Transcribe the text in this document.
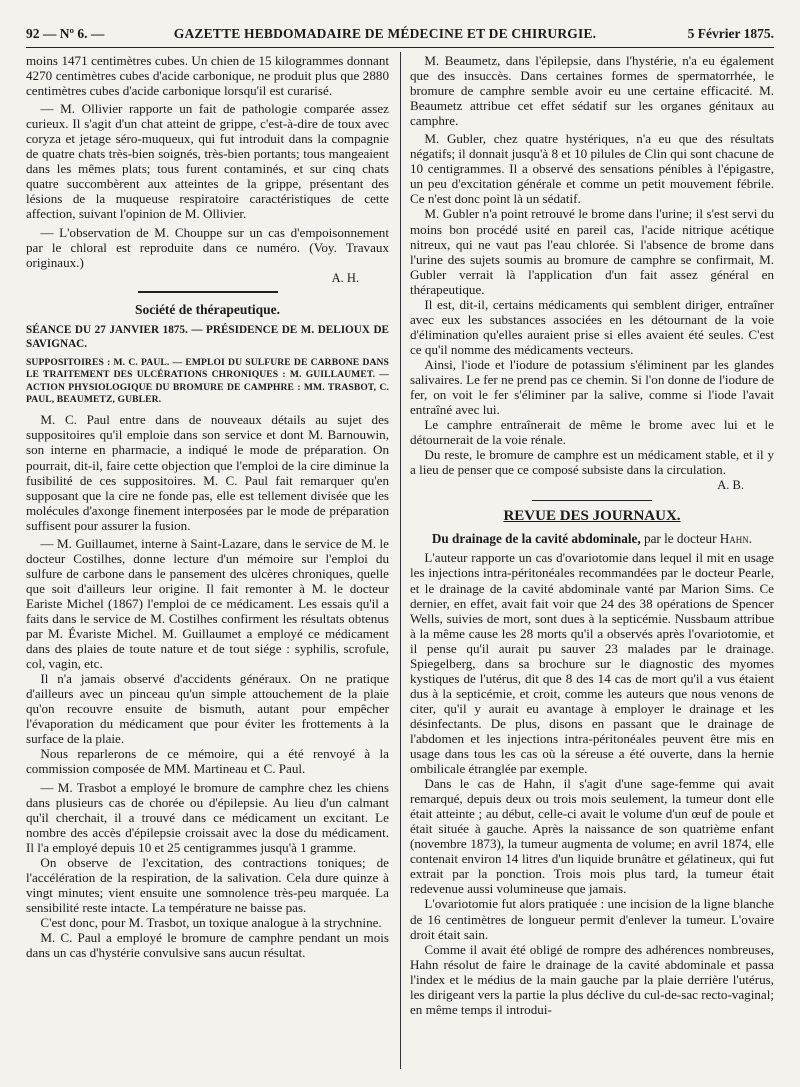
92 — Nº 6. —	GAZETTE HEBDOMADAIRE DE MÉDECINE ET DE CHIRURGIE.	5 Février 1875.

moins 1471 centimètres cubes. Un chien de 15 kilogrammes donnant 4270 centimètres cubes d'acide carbonique, ne produit plus que 2880 centimètres cubes d'acide carbonique lorsqu'il est curarisé.

— M. Ollivier rapporte un fait de pathologie comparée assez curieux. Il s'agit d'un chat atteint de grippe, c'est-à-dire de toux avec coryza et jetage séro-muqueux, qui fut introduit dans la compagnie de quatre chats très-bien soignés, très-bien portants; tous mangeaient dans les mêmes plats; tous furent contaminés, et sur cinq chats quatre succombèrent aux atteintes de la grippe, présentant des lésions de la muqueuse respiratoire caractéristiques de cette affection, suivant l'opinion de M. Ollivier.

— L'observation de M. Chouppe sur un cas d'empoisonnement par le chloral est reproduite dans ce numéro. (Voy. Travaux originaux.)

A. H.
Société de thérapeutique.
SÉANCE DU 27 JANVIER 1875. — PRÉSIDENCE DE M. DELIOUX DE SAVIGNAC.
SUPPOSITOIRES : M. C. PAUL. — EMPLOI DU SULFURE DE CARBONE DANS LE TRAITEMENT DES ULCÉRATIONS CHRONIQUES : M. GUILLAUMET. — ACTION PHYSIOLOGIQUE DU BROMURE DE CAMPHRE : MM. TRASBOT, C. PAUL, BEAUMETZ, GUBLER.

M. C. Paul entre dans de nouveaux détails au sujet des suppositoires qu'il emploie dans son service et dont M. Barnouwin, son interne en pharmacie, a indiqué le mode de préparation. On pourrait, dit-il, faire cette objection que l'emploi de la cire diminue la fusibilité de ces suppositoires. M. C. Paul fait remarquer qu'en supposant que la cire ne fonde pas, elle est tellement divisée que les molécules d'axonge finement interposées par le mode de préparation suffisent pour assurer la fusion.

— M. Guillaumet, interne à Saint-Lazare, dans le service de M. le docteur Costilhes, donne lecture d'un mémoire sur l'emploi du sulfure de carbone dans le pansement des ulcères chroniques, quelle que soit d'ailleurs leur origine. Il fait remonter à M. le docteur Eariste Michel (1867) l'emploi de ce médicament. Les essais qu'il a faits dans le service de M. Costilhes confirment les résultats obtenus par M. Évariste Michel. M. Guillaumet a employé ce médicament dans des plaies de toute nature et de tout siége : syphilis, scrofule, col, vagin, etc.

Il n'a jamais observé d'accidents généraux. On ne pratique d'ailleurs avec un pinceau qu'un simple attouchement de la plaie qu'on recouvre ensuite de bismuth, autant pour empêcher l'évaporation du médicament que pour éviter les frottements à la surface de la plaie.

Nous reparlerons de ce mémoire, qui a été renvoyé à la commission composée de MM. Martineau et C. Paul.

— M. Trasbot a employé le bromure de camphre chez les chiens dans plusieurs cas de chorée ou d'épilepsie. Au lieu d'un calmant qu'il cherchait, il a trouvé dans ce médicament un excitant. Le nombre des accès d'épilepsie croissait avec la dose du médicament. Il l'a employé depuis 10 et 25 centigrammes jusqu'à 1 gramme.

On observe de l'excitation, des contractions toniques; de l'accélération de la respiration, de la salivation. Cela dure quinze à vingt minutes; vient ensuite une somnolence très-peu marquée. La sensibilité reste intacte. La température ne baisse pas.

C'est donc, pour M. Trasbot, un toxique analogue à la strychnine.

M. C. Paul a employé le bromure de camphre pendant un mois dans un cas d'hystérie convulsive sans aucun résultat.

M. Beaumetz, dans l'épilepsie, dans l'hystérie, n'a eu également que des insuccès. Dans certaines formes de spermatorrhée, le bromure de camphre semble avoir eu une certaine efficacité. M. Beaumetz attribue cet effet sédatif sur les organes génitaux au camphre.

M. Gubler, chez quatre hystériques, n'a eu que des résultats négatifs; il donnait jusqu'à 8 et 10 pilules de Clin qui sont chacune de 10 centigrammes. Il a observé des sensations pénibles à l'épigastre, un peu d'excitation générale et comme un petit mouvement fébrile. Ce n'est donc point là un sédatif.

M. Gubler n'a point retrouvé le brome dans l'urine; il s'est servi du moins bon procédé usité en pareil cas, l'acide nitrique acétique nitreux, qui ne vaut pas l'eau chlorée. Si l'absence de brome dans l'urine des sujets soumis au bromure de camphre se confirmait, M. Gubler verrait là l'application d'un fait assez général en thérapeutique.

Il est, dit-il, certains médicaments qui semblent diriger, entraîner avec eux les substances associées en les détournant de la voie d'élimination qu'elles auraient prise si elles avaient été seules. C'est ce qu'il nomme des médicaments vecteurs.

Ainsi, l'iode et l'iodure de potassium s'éliminent par les glandes salivaires. Le fer ne prend pas ce chemin. Si l'on donne de l'iodure de fer, on voit le fer s'éliminer par la salive, comme si l'iode l'avait entraîné avec lui.

Le camphre entraînerait de même le brome avec lui et le détournerait de la voie rénale.

Du reste, le bromure de camphre est un médicament stable, et il y a lieu de penser que ce composé subsiste dans la circulation.

A. B.
REVUE DES JOURNAUX.
Du drainage de la cavité abdominale, par le docteur Hahn.

L'auteur rapporte un cas d'ovariotomie dans lequel il mit en usage les injections intra-péritonéales recommandées par le docteur Pearle, et le drainage de la cavité abdominale vanté par Marion Sims. Ce dernier, en effet, avait fait voir que 24 des 38 opérations de Spencer Wells, suivies de mort, sont dues à la septicémie. Nussbaum attribue à la même cause les 28 morts qu'il a observés après l'ovariotomie, et il pense qu'il aurait pu sauver 23 malades par le drainage. Spiegelberg, dans sa brochure sur le diagnostic des myomes kystiques de l'utérus, dit que 8 des 14 cas de mort qu'il a vus étaient dus à la septicémie, et croit, comme les auteurs que nous venons de citer, qu'il y aurait eu avantage à employer le drainage et les désinfectants. De plus, disons en passant que le drainage de l'abdomen et les injections intra-péritonéales peuvent être mis en usage dans tous les cas où la séreuse a été ouverte, dans la hernie ombilicale étranglée par exemple.

Dans le cas de Hahn, il s'agit d'une sage-femme qui avait remarqué, depuis deux ou trois mois seulement, la tumeur dont elle était atteinte ; au début, celle-ci avait le volume d'un œuf de poule et était située à gauche. Après la naissance de son quatrième enfant (novembre 1873), la tumeur augmenta de volume; en avril 1874, elle contenait environ 14 litres d'un liquide brunâtre et gélatineux, qui fut extrait par la ponction. Trois mois plus tard, la tumeur était redevenue aussi volumineuse que jamais.

L'ovariotomie fut alors pratiquée : une incision de la ligne blanche de 16 centimètres de longueur permit d'enlever la tumeur. L'ovaire droit était sain.

Comme il avait été obligé de rompre des adhérences nombreuses, Hahn résolut de faire le drainage de la cavité abdominale et passa l'index et le médius de la main gauche par la plaie derrière l'utérus, les dirigeant vers la partie la plus déclive du cul-de-sac recto-vaginal; en même temps il introdui-
